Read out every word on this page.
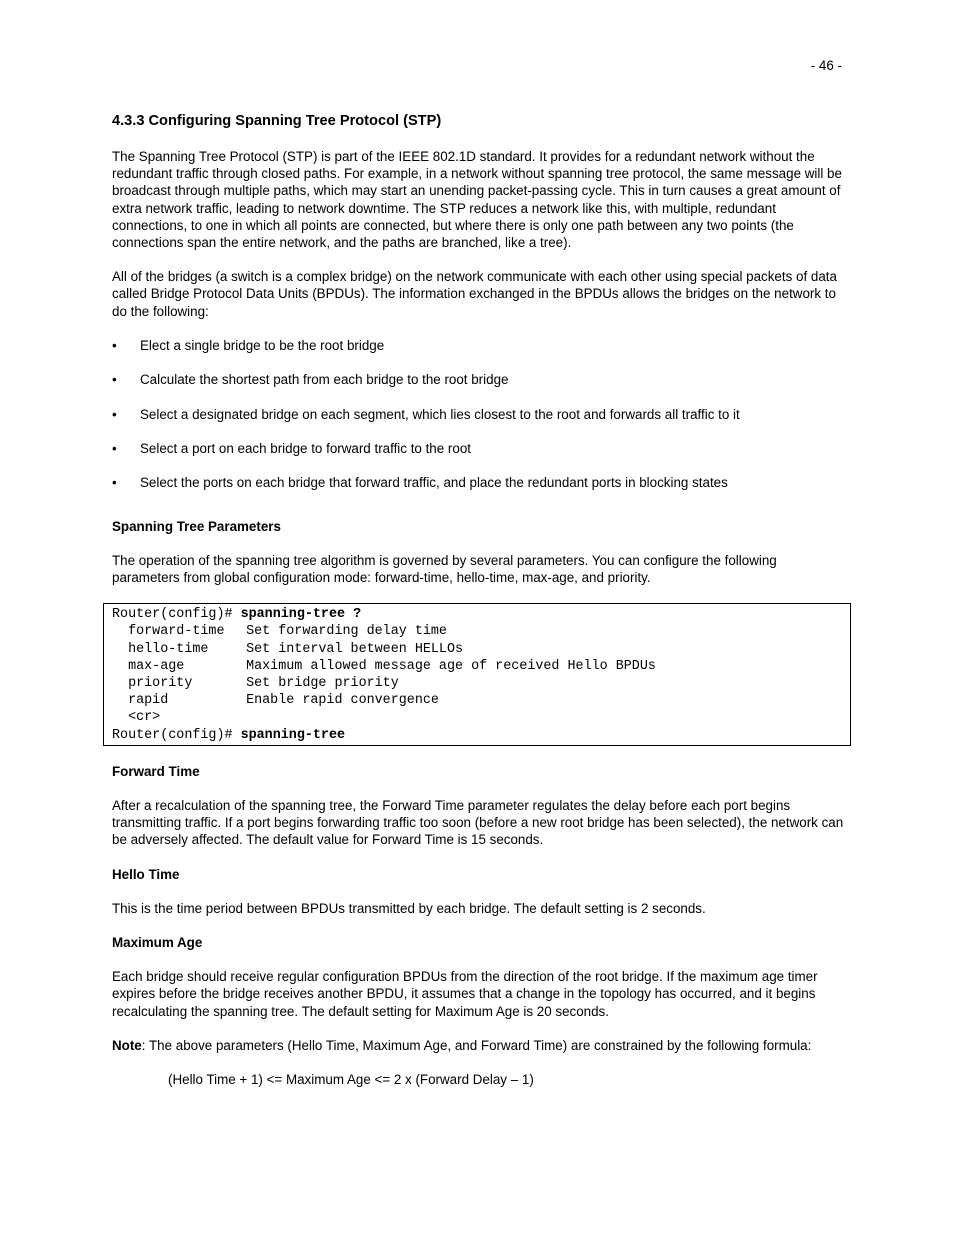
- 46 -
4.3.3 Configuring Spanning Tree Protocol (STP)

The Spanning Tree Protocol (STP) is part of the IEEE 802.1D standard. It provides for a redundant network without the redundant traffic through closed paths. For example, in a network without spanning tree protocol, the same message will be broadcast through multiple paths, which may start an unending packet-passing cycle. This in turn causes a great amount of extra network traffic, leading to network downtime. The STP reduces a network like this, with multiple, redundant connections, to one in which all points are connected, but where there is only one path between any two points (the connections span the entire network, and the paths are branched, like a tree).

All of the bridges (a switch is a complex bridge) on the network communicate with each other using special packets of data called Bridge Protocol Data Units (BPDUs). The information exchanged in the BPDUs allows the bridges on the network to do the following:

• Elect a single bridge to be the root bridge
• Calculate the shortest path from each bridge to the root bridge
• Select a designated bridge on each segment, which lies closest to the root and forwards all traffic to it
• Select a port on each bridge to forward traffic to the root
• Select the ports on each bridge that forward traffic, and place the redundant ports in blocking states
Spanning Tree Parameters

The operation of the spanning tree algorithm is governed by several parameters. You can configure the following parameters from global configuration mode: forward-time, hello-time, max-age, and priority.

Router(config)# spanning-tree ?
forward-time Set forwarding delay time
hello-time	Set interval between HELLOs
max-age	Maximum allowed message age of received Hello BPDUs
priority	Set bridge priority
rapid	Enable rapid convergence
<cr>
Router(config)# spanning-tree
Forward Time

After a recalculation of the spanning tree, the Forward Time parameter regulates the delay before each port begins transmitting traffic. If a port begins forwarding traffic too soon (before a new root bridge has been selected), the network can be adversely affected. The default value for Forward Time is 15 seconds.

Hello Time

This is the time period between BPDUs transmitted by each bridge. The default setting is 2 seconds.

Maximum Age

Each bridge should receive regular configuration BPDUs from the direction of the root bridge. If the maximum age timer expires before the bridge receives another BPDU, it assumes that a change in the topology has occurred, and it begins recalculating the spanning tree. The default setting for Maximum Age is 20 seconds.

Note: The above parameters (Hello Time, Maximum Age, and Forward Time) are constrained by the following formula:

(Hello Time + 1) <= Maximum Age <= 2 x (Forward Delay – 1)
